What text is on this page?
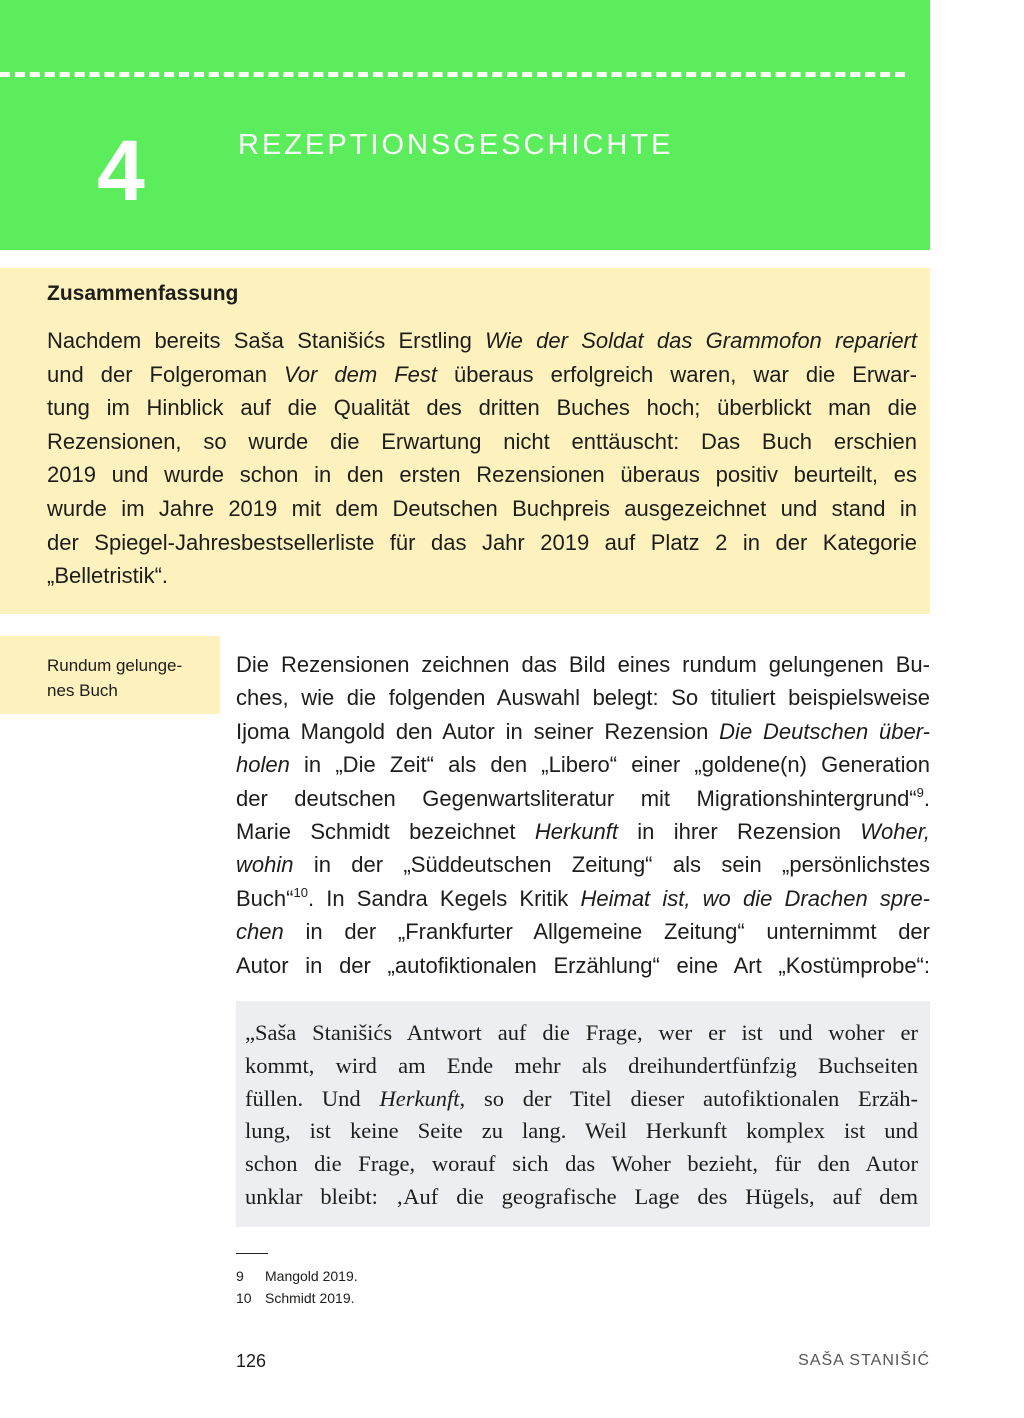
4	REZEPTIONSGESCHICHTE
Zusammenfassung

Nachdem bereits Saša Stanišićs Erstling Wie der Soldat das Grammofon repariert
und der Folgeroman Vor dem Fest überaus erfolgreich waren, war die Erwar-
tung im Hinblick auf die Qualität des dritten Buches hoch; überblickt man die
Rezensionen, so wurde die Erwartung nicht enttäuscht: Das Buch erschien
2019 und wurde schon in den ersten Rezensionen überaus positiv beurteilt, es
wurde im Jahre 2019 mit dem Deutschen Buchpreis ausgezeichnet und stand in
der Spiegel-Jahresbestsellerliste für das Jahr 2019 auf Platz 2 in der Kategorie
„Belletristik“.

Rundum gelunge-
nes Buch

Die Rezensionen zeichnen das Bild eines rundum gelungenen Bu-
ches, wie die folgenden Auswahl belegt: So tituliert beispielsweise
Ijoma Mangold den Autor in seiner Rezension Die Deutschen über-
holen in „Die Zeit“ als den „Libero“ einer „goldene(n) Generation
der deutschen Gegenwartsliteratur mit Migrationshintergrund“$^9$.
Marie Schmidt bezeichnet Herkunft in ihrer Rezension Woher,
wohin in der „Süddeutschen Zeitung“ als sein „persönlichstes
Buch“$^{10}$. In Sandra Kegels Kritik Heimat ist, wo die Drachen spre-
chen in der „Frankfurter Allgemeine Zeitung“ unternimmt der
Autor in der „autofiktionalen Erzählung“ eine Art „Kostümprobe“:

„Saša Stanišićs Antwort auf die Frage, wer er ist und woher er
kommt, wird am Ende mehr als dreihundertfünfzig Buchseiten
füllen. Und Herkunft, so der Titel dieser autofiktionalen Erzäh-
lung, ist keine Seite zu lang. Weil Herkunft komplex ist und
schon die Frage, worauf sich das Woher bezieht, für den Autor
unklar bleibt: ‚Auf die geografische Lage des Hügels, auf dem

9 Mangold 2019.
10 Schmidt 2019.
126	SAŠA STANIŠIĆ
